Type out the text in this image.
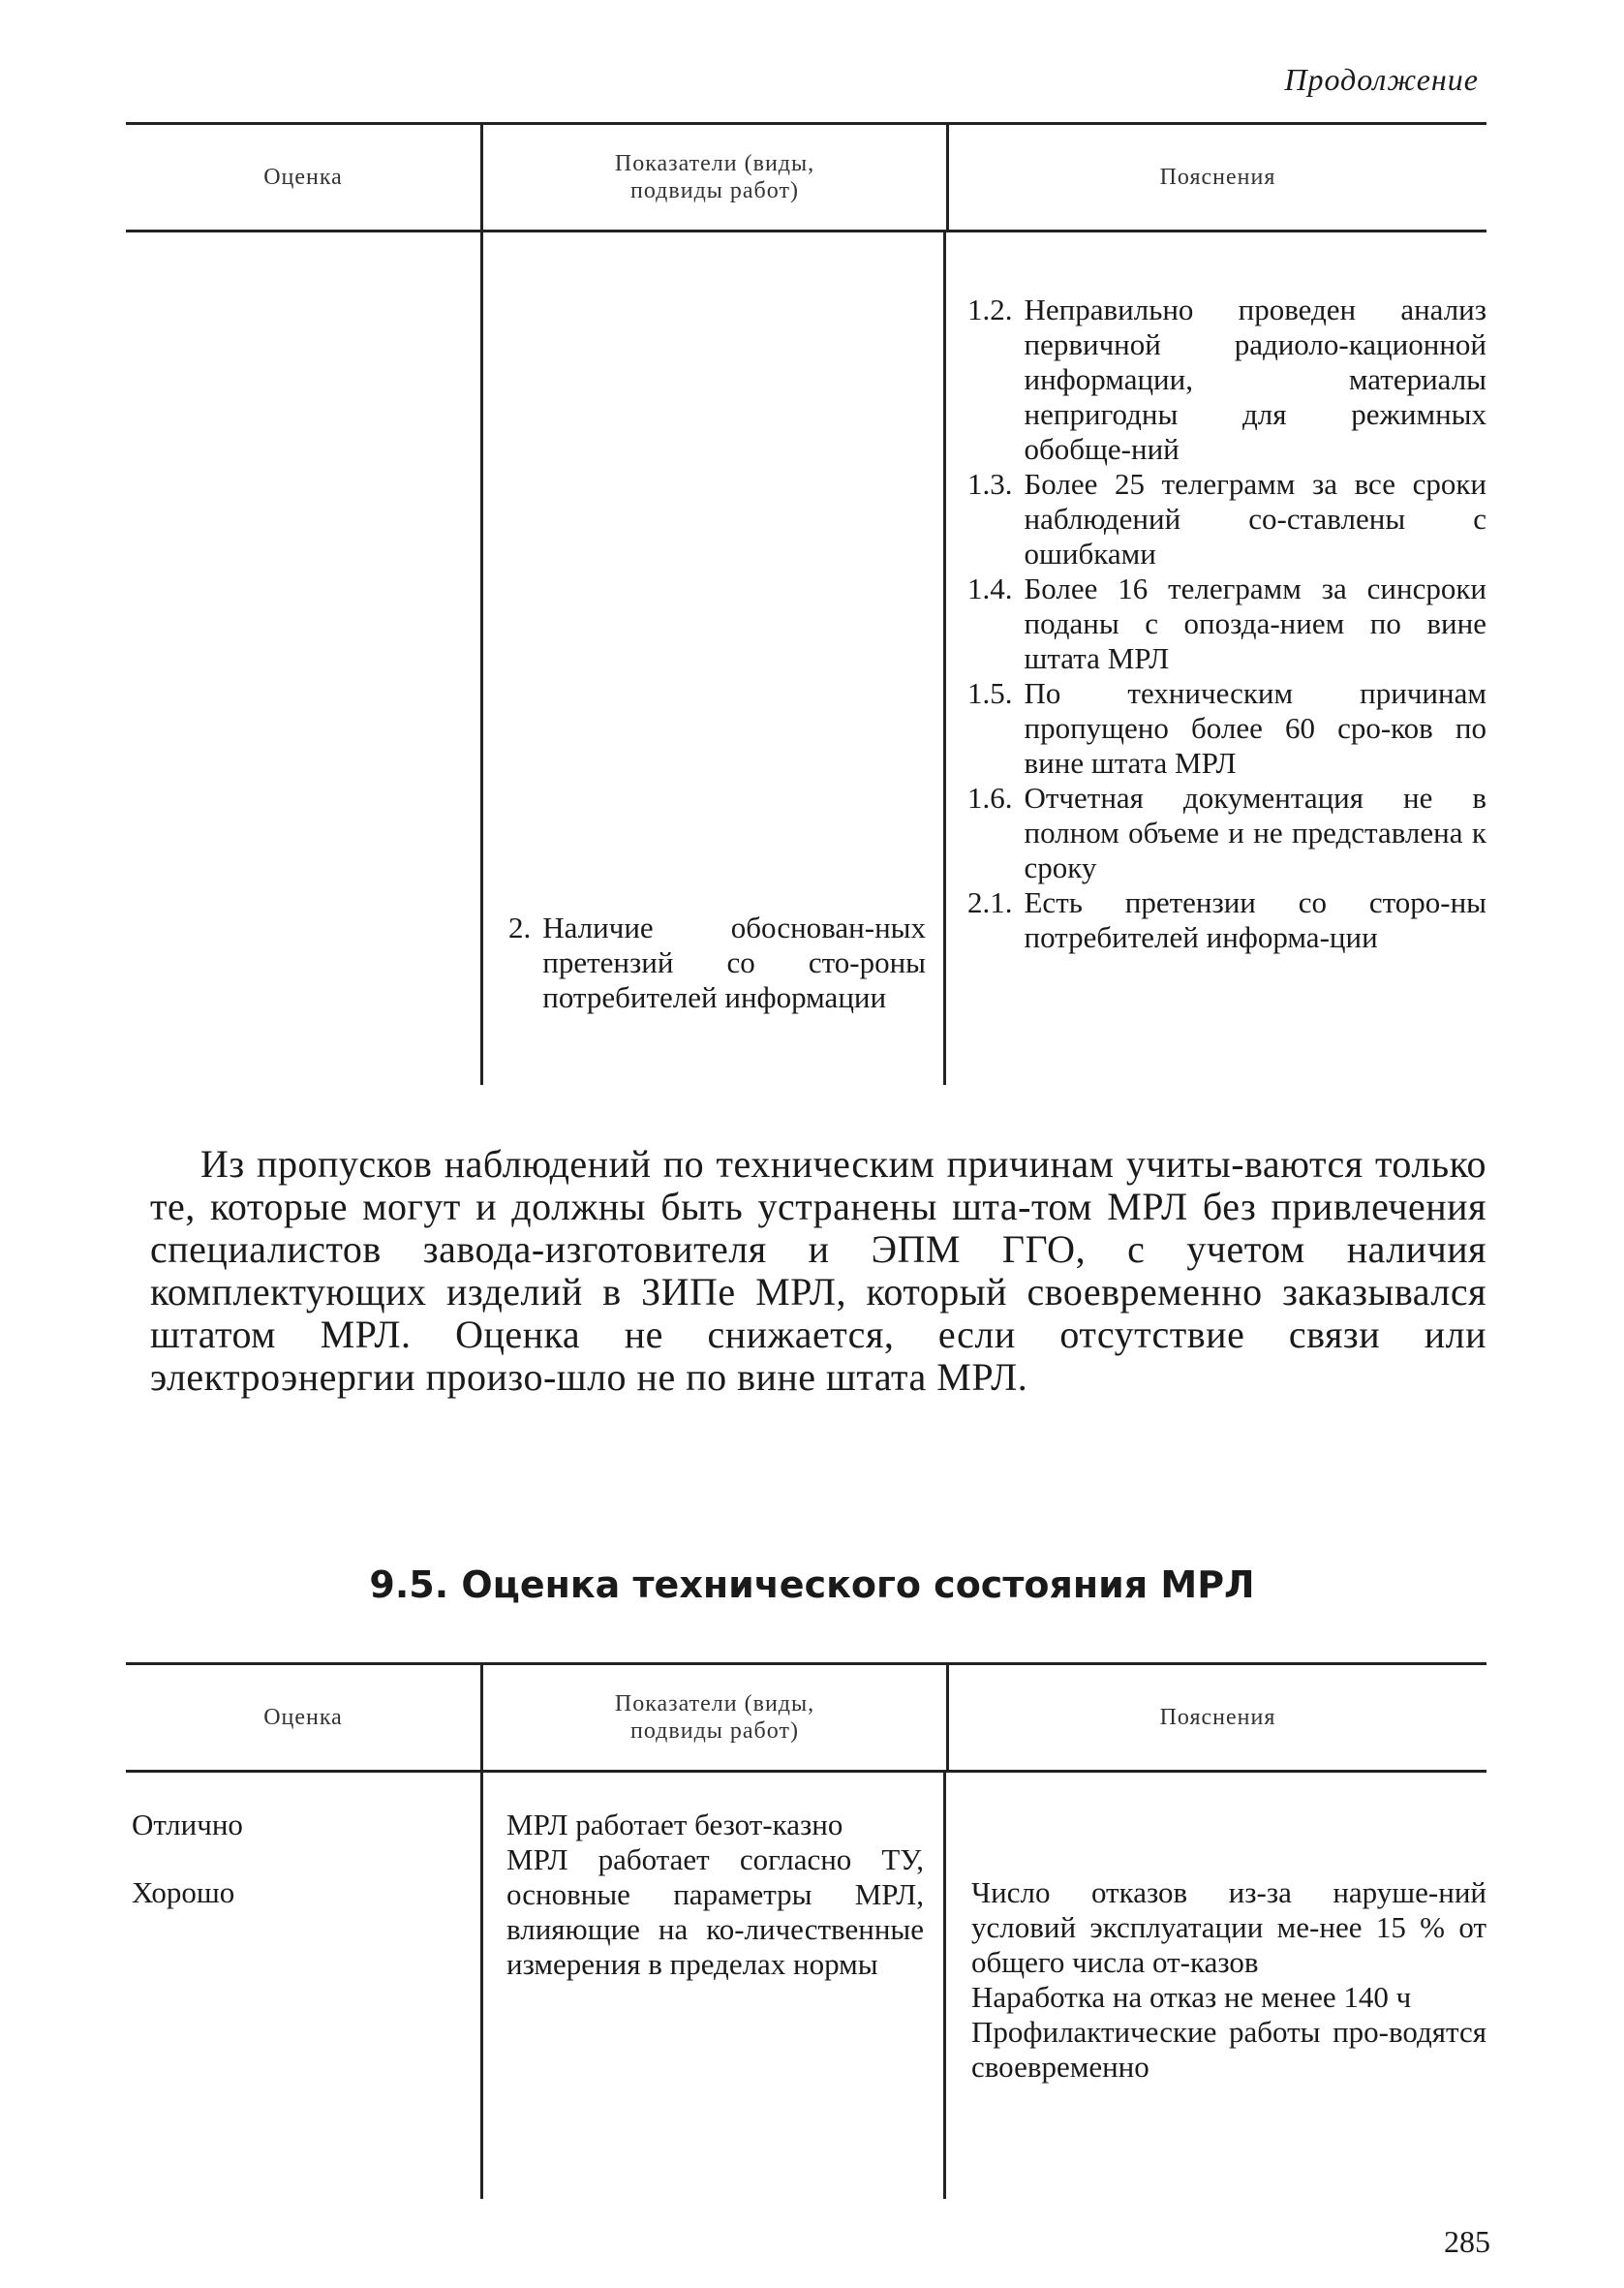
Продолжение
Оценка
Показатели (виды,
подвиды работ)
Пояснения
2. Наличие обоснован-ных претензий со сто-роны потребителей информации
1.2. Неправильно проведен анализ первичной радиоло-кационной информации, материалы непригодны для режимных обобще-ний
1.3. Более 25 телеграмм за все сроки наблюдений со-ставлены с ошибками
1.4. Более 16 телеграмм за синсроки поданы с опозда-нием по вине штата МРЛ
1.5. По техническим причинам пропущено более 60 сро-ков по вине штата МРЛ
1.6. Отчетная документация не в полном объеме и не представлена к сроку
2.1. Есть претензии со сторо-ны потребителей информа-ции
Из пропусков наблюдений по техническим причинам учиты-ваются только те, которые могут и должны быть устранены шта-том МРЛ без привлечения специалистов завода-изготовителя и ЭПМ ГГО, с учетом наличия комплектующих изделий в ЗИПе МРЛ, который своевременно заказывался штатом МРЛ. Оценка не снижается, если отсутствие связи или электроэнергии произо-шло не по вине штата МРЛ.
9.5. Оценка технического состояния МРЛ
Оценка
Показатели (виды,
подвиды работ)
Пояснения
Отлично
Хорошо
МРЛ работает безот-казно
МРЛ работает согласно ТУ, основные параметры МРЛ, влияющие на ко-личественные измерения в пределах нормы
Число отказов из-за наруше-ний условий эксплуатации ме-нее 15 % от общего числа от-казов
Наработка на отказ не менее 140 ч
Профилактические работы про-водятся своевременно
285
